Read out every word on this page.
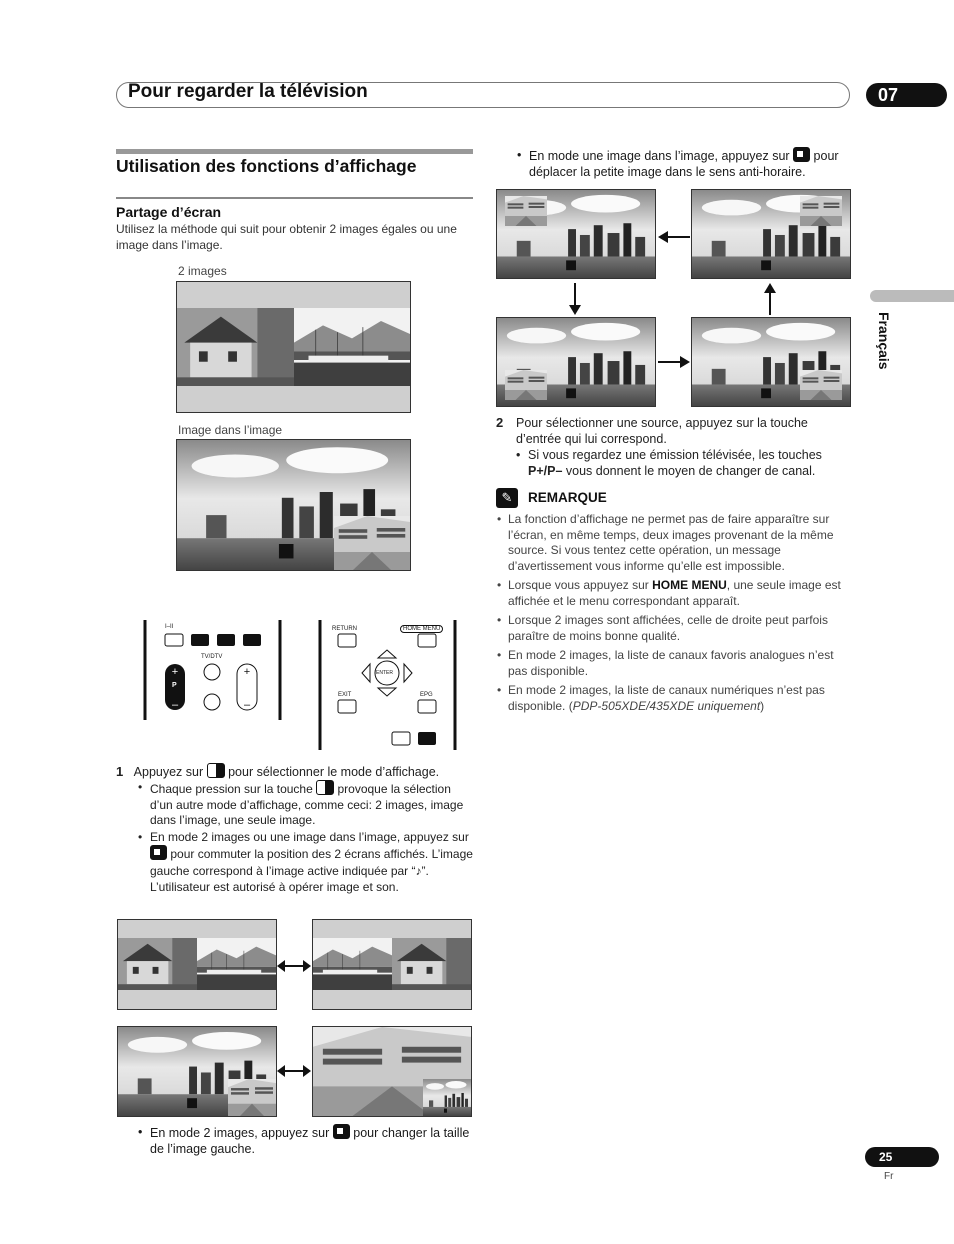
Pour regarder la télévision	07
Utilisation des fonctions d’affichage
Partage d’écran
Utilisez la méthode qui suit pour obtenir 2 images égales ou une image dans l’image.
2 images
Image dans l’image
+
–
+
–
I–II
TV/DTV
P
RETURN	HOME MENU
ENTER
EXIT	EPG
1 Appuyez sur pour sélectionner le mode d’affichage.
• Chaque pression sur la touche provoque la sélection d’un autre mode d’affichage, comme ceci: 2 images, image dans l’image, une seule image.
• En mode 2 images ou une image dans l’image, appuyez sur  pour commuter la position des 2 écrans affichés. L’image gauche correspond à l’image active indiquée par “♪”. L’utilisateur est autorisé à opérer image et son.
• En mode 2 images, appuyez sur pour changer la taille de l’image gauche.
• En mode une image dans l’image, appuyez sur pour déplacer la petite image dans le sens anti-horaire.
2 Pour sélectionner une source, appuyez sur la touche d’entrée qui lui correspond.
• Si vous regardez une émission télévisée, les touches P+/P– vous donnent le moyen de changer de canal.
✎	REMARQUE
• La fonction d’affichage ne permet pas de faire apparaître sur l’écran, en même temps, deux images provenant de la même source. Si vous tentez cette opération, un message d’avertissement vous informe qu’elle est impossible.
• Lorsque vous appuyez sur HOME MENU, une seule image est affichée et le menu correspondant apparaît.
• Lorsque 2 images sont affichées, celle de droite peut parfois paraître de moins bonne qualité.
• En mode 2 images, la liste de canaux favoris analogues n’est pas disponible.
• En mode 2 images, la liste de canaux numériques n’est pas disponible. (PDP-505XDE/435XDE uniquement)
Français
25
Fr
